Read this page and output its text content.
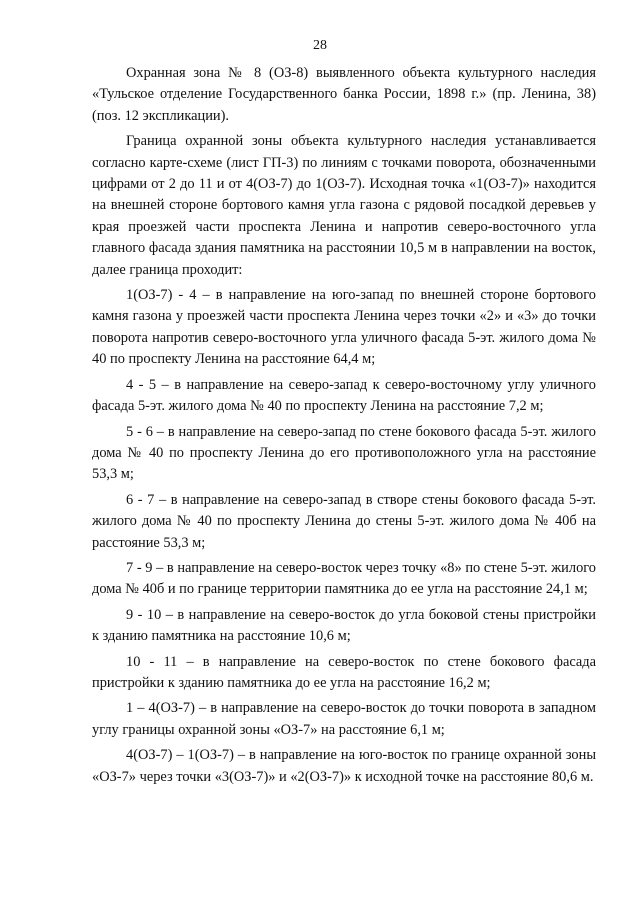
28

Охранная зона № 8 (ОЗ-8) выявленного объекта культурного наследия «Тульское отделение Государственного банка России, 1898 г.» (пр. Ленина, 38) (поз. 12 экспликации).

Граница охранной зоны объекта культурного наследия устанавливается согласно карте-схеме (лист ГП-3) по линиям с точками поворота, обозначенными цифрами от 2 до 11 и от 4(ОЗ-7) до 1(ОЗ-7). Исходная точка «1(ОЗ-7)» находится на внешней стороне бортового камня угла газона с рядовой посадкой деревьев у края проезжей части проспекта Ленина и напротив северо-восточного угла главного фасада здания памятника на расстоянии 10,5 м в направлении на восток, далее граница проходит:

1(ОЗ-7) - 4 – в направление на юго-запад по внешней стороне бортового камня газона у проезжей части проспекта Ленина через точки «2» и «3» до точки поворота напротив северо-восточного угла уличного фасада 5-эт. жилого дома № 40 по проспекту Ленина на расстояние 64,4 м;

4 - 5 – в направление на северо-запад к северо-восточному углу уличного фасада 5-эт. жилого дома № 40 по проспекту Ленина на расстояние 7,2 м;

5 - 6 – в направление на северо-запад по стене бокового фасада 5-эт. жилого дома № 40 по проспекту Ленина до его противоположного угла на расстояние 53,3 м;

6 - 7 – в направление на северо-запад в створе стены бокового фасада 5-эт. жилого дома № 40 по проспекту Ленина до стены 5-эт. жилого дома № 40б на расстояние 53,3 м;

7 - 9 – в направление на северо-восток через точку «8» по стене 5-эт. жилого дома № 40б и по границе территории памятника до ее угла на расстояние 24,1 м;

9 - 10 – в направление на северо-восток до угла боковой стены пристройки к зданию памятника на расстояние 10,6 м;

10 - 11 – в направление на северо-восток по стене бокового фасада пристройки к зданию памятника до ее угла на расстояние 16,2 м;

1 – 4(ОЗ-7) – в направление на северо-восток до точки поворота в западном углу границы охранной зоны «ОЗ-7» на расстояние 6,1 м;

4(ОЗ-7) – 1(ОЗ-7) – в направление на юго-восток по границе охранной зоны «ОЗ-7» через точки «3(ОЗ-7)» и «2(ОЗ-7)» к исходной точке на расстояние 80,6 м.
